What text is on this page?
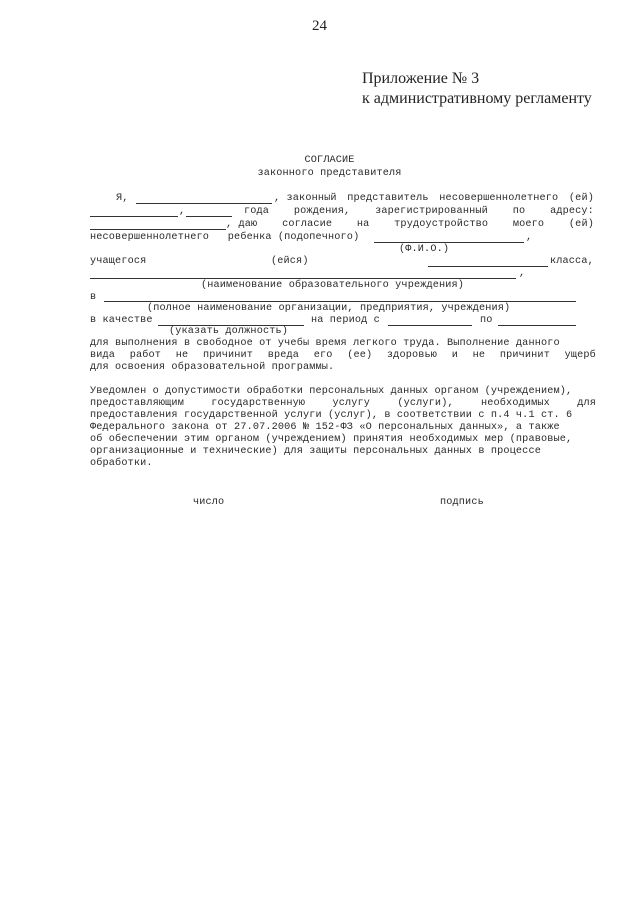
24
Приложение № 3
к административному регламенту
СОГЛАСИЕ
законного представителя
Я,	, законный представитель несовершеннолетнего (ей)
,	года рождения, зарегистрированный по адресу:
, даю согласие на трудоустройство моего (ей)
несовершеннолетнего   ребенка (подопечного)	,
(Ф.И.О.)
учащегося	(ейся)	класса,
,
(наименование образовательного учреждения)
в
(полное наименование организации, предприятия, учреждения)
в качестве	на период с	по
(указать должность)
для выполнения в свободное от учебы время легкого труда. Выполнение данного
вида работ не причинит вреда его (ее) здоровью и не причинит ущерб
для освоения образовательной программы.
Уведомлен о допустимости обработки персональных данных органом (учреждением),
предоставляющим	государственную	услугу	(услуги),	необходимых	для
предоставления государственной услуги (услуг), в соответствии с п.4 ч.1 ст. 6
Федерального закона от 27.07.2006 № 152-ФЗ «О персональных данных», а также
об обеспечении этим органом (учреждением) принятия необходимых мер (правовые,
организационные и технические) для защиты персональных данных в процессе
обработки.
число	подпись
